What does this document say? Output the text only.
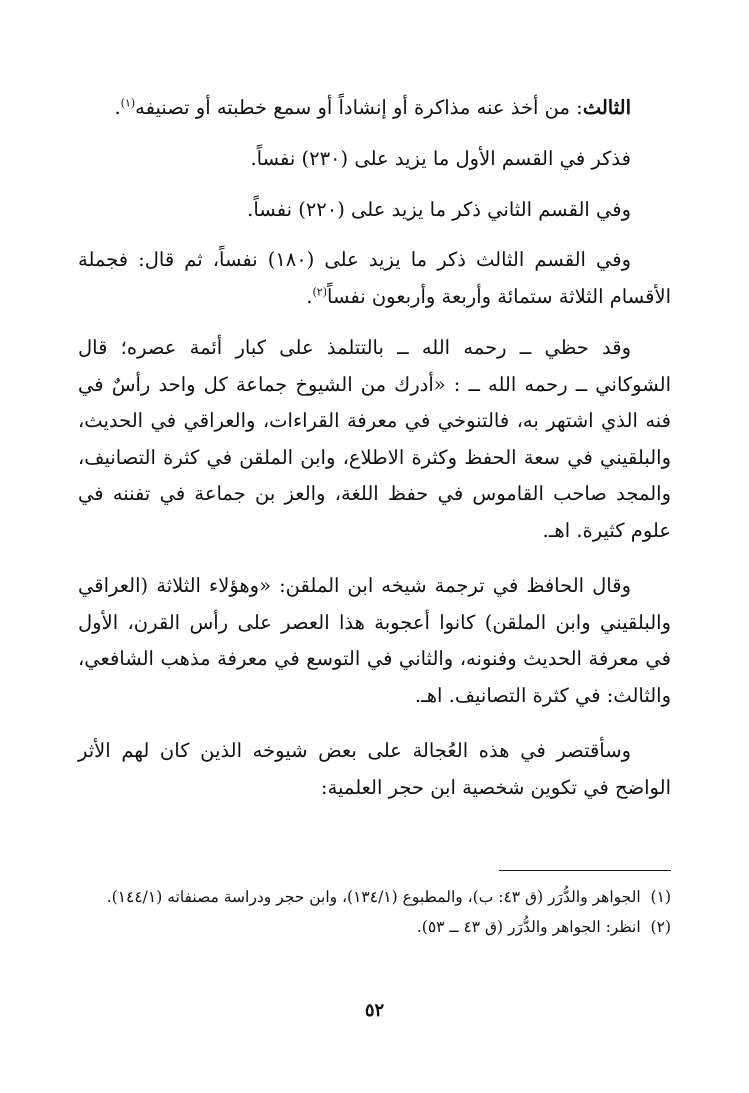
الثالث: من أخذ عنه مذاكرة أو إنشاداً أو سمع خطبته أو تصنيفه$^{(١)}$.

فذكر في القسم الأول ما يزيد على (٢٣٠) نفساً.

وفي القسم الثاني ذكر ما يزيد على (٢٢٠) نفساً.

وفي القسم الثالث ذكر ما يزيد على (١٨٠) نفساً، ثم قال: فجملة الأقسام الثلاثة ستمائة وأربعة وأربعون نفساً$^{(٢)}$.

وقد حظي ــ رحمه الله ــ بالتتلمذ على كبار أئمة عصره؛ قال الشوكاني ــ رحمه الله ــ : «أدرك من الشيوخ جماعة كل واحد رأسٌ في فنه الذي اشتهر به، فالتنوخي في معرفة القراءات، والعراقي في الحديث، والبلقيني في سعة الحفظ وكثرة الاطلاع، وابن الملقن في كثرة التصانيف، والمجد صاحب القاموس في حفظ اللغة، والعز بن جماعة في تفننه في علوم كثيرة. اهـ.

وقال الحافظ في ترجمة شيخه ابن الملقن: «وهؤلاء الثلاثة (العراقي والبلقيني وابن الملقن) كانوا أعجوبة هذا العصر على رأس القرن، الأول في معرفة الحديث وفنونه، والثاني في التوسع في معرفة مذهب الشافعي، والثالث: في كثرة التصانيف. اهـ.

وسأقتصر في هذه العُجالة على بعض شيوخه الذين كان لهم الأثر الواضح في تكوين شخصية ابن حجر العلمية:

(١)  الجواهر والدُّرَر (ق ٤٣: ب)، والمطبوع (١٣٤/١)، وابن حجر ودراسة مصنفاته (١٤٤/١).

(٢)  انظر: الجواهر والدُّرَر (ق ٤٣ ــ ٥٣).

٥٢
